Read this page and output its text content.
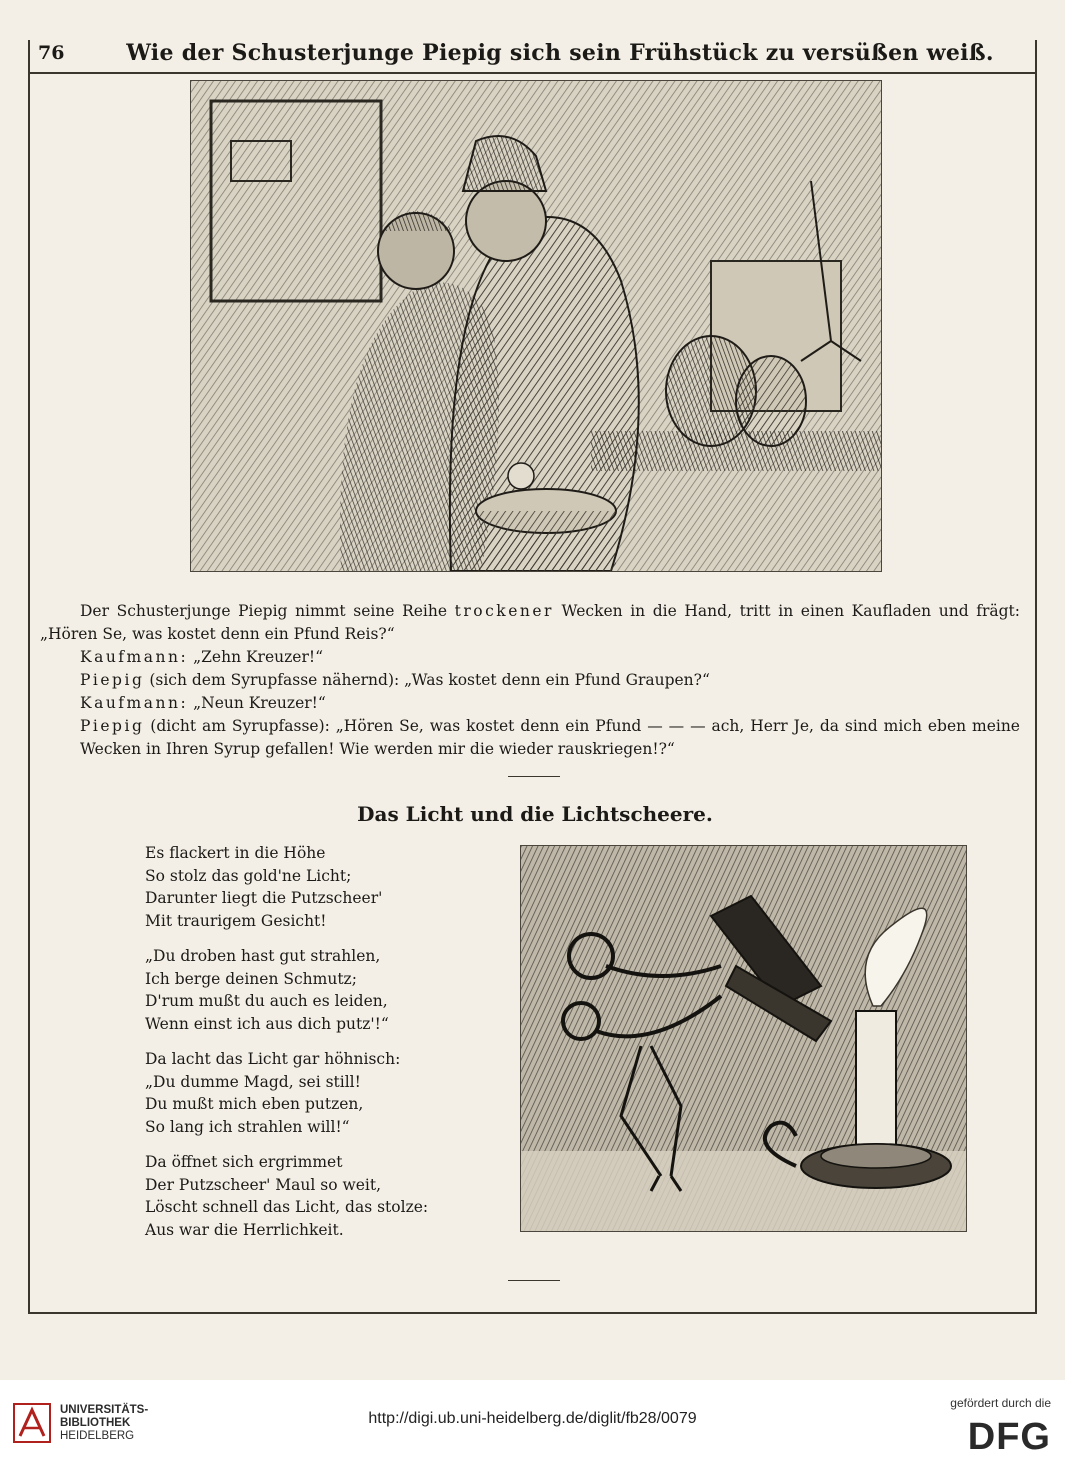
76	Wie der Schusterjunge Piepig sich sein Frühstück zu versüßen weiß.

Der Schusterjunge Piepig nimmt seine Reihe trockener Wecken in die Hand, tritt in einen Kaufladen und frägt: „Hören Se, was kostet denn ein Pfund Reis?“

Kaufmann: „Zehn Kreuzer!“

Piepig (sich dem Syrupfasse nähernd): „Was kostet denn ein Pfund Graupen?“

Kaufmann: „Neun Kreuzer!“

Piepig (dicht am Syrupfasse): „Hören Se, was kostet denn ein Pfund — — — ach, Herr Je, da sind mich eben meine Wecken in Ihren Syrup gefallen! Wie werden mir die wieder rauskriegen!?“

Das Licht und die Lichtscheere.
Es flackert in die Höhe
So stolz das gold'ne Licht;
Darunter liegt die Putzscheer'
Mit traurigem Gesicht!
„Du droben hast gut strahlen,
Ich berge deinen Schmutz;
D'rum mußt du auch es leiden,
Wenn einst ich aus dich putz'!“
Da lacht das Licht gar höhnisch:
„Du dumme Magd, sei still!
Du mußt mich eben putzen,
So lang ich strahlen will!“
Da öffnet sich ergrimmet
Der Putzscheer' Maul so weit,
Löscht schnell das Licht, das stolze:
Aus war die Herrlichkeit.
UNIVERSITÄTS-
BIBLIOTHEK
HEIDELBERG
http://digi.ub.uni-heidelberg.de/diglit/fb28/0079
gefördert durch die
DFG
